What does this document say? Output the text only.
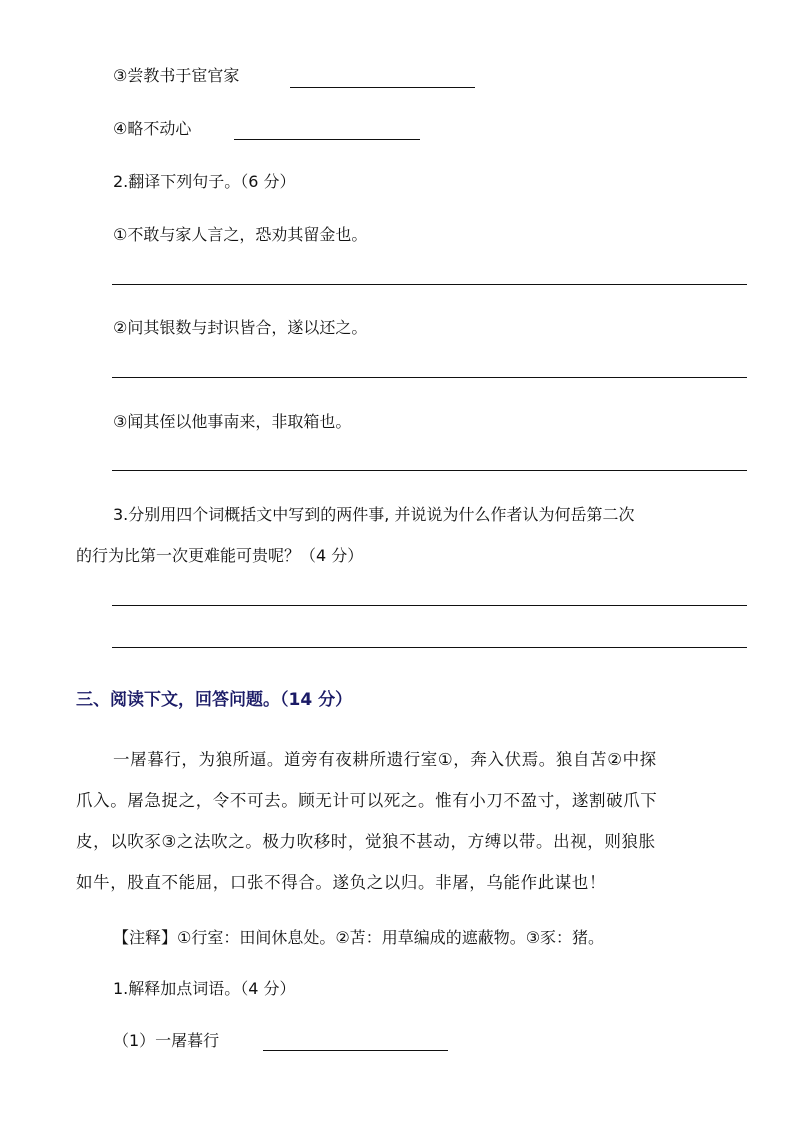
③尝教书于宦官家
④略不动心
2.翻译下列句子。（6 分）
①不敢与家人言之，恐劝其留金也。
②问其银数与封识皆合，遂以还之。
③闻其侄以他事南来，非取箱也。
3.分别用四个词概括文中写到的两件事, 并说说为什么作者认为何岳第二次
的行为比第一次更难能可贵呢？（4 分）
三、阅读下文，回答问题。（14 分）
一屠暮行，为狼所逼。道旁有夜耕所遗行室①，奔入伏焉。狼自苫②中探
爪入。屠急捉之，令不可去。顾无计可以死之。惟有小刀不盈寸，遂割破爪下
皮，以吹豕③之法吹之。极力吹移时，觉狼不甚动，方缚以带。出视，则狼胀
如牛，股直不能屈，口张不得合。遂负之以归。非屠，乌能作此谋也！
【注释】①行室：田间休息处。②苫：用草编成的遮蔽物。③豕：猪。
1.解释加点词语。（4 分）
（1）一屠暮行
